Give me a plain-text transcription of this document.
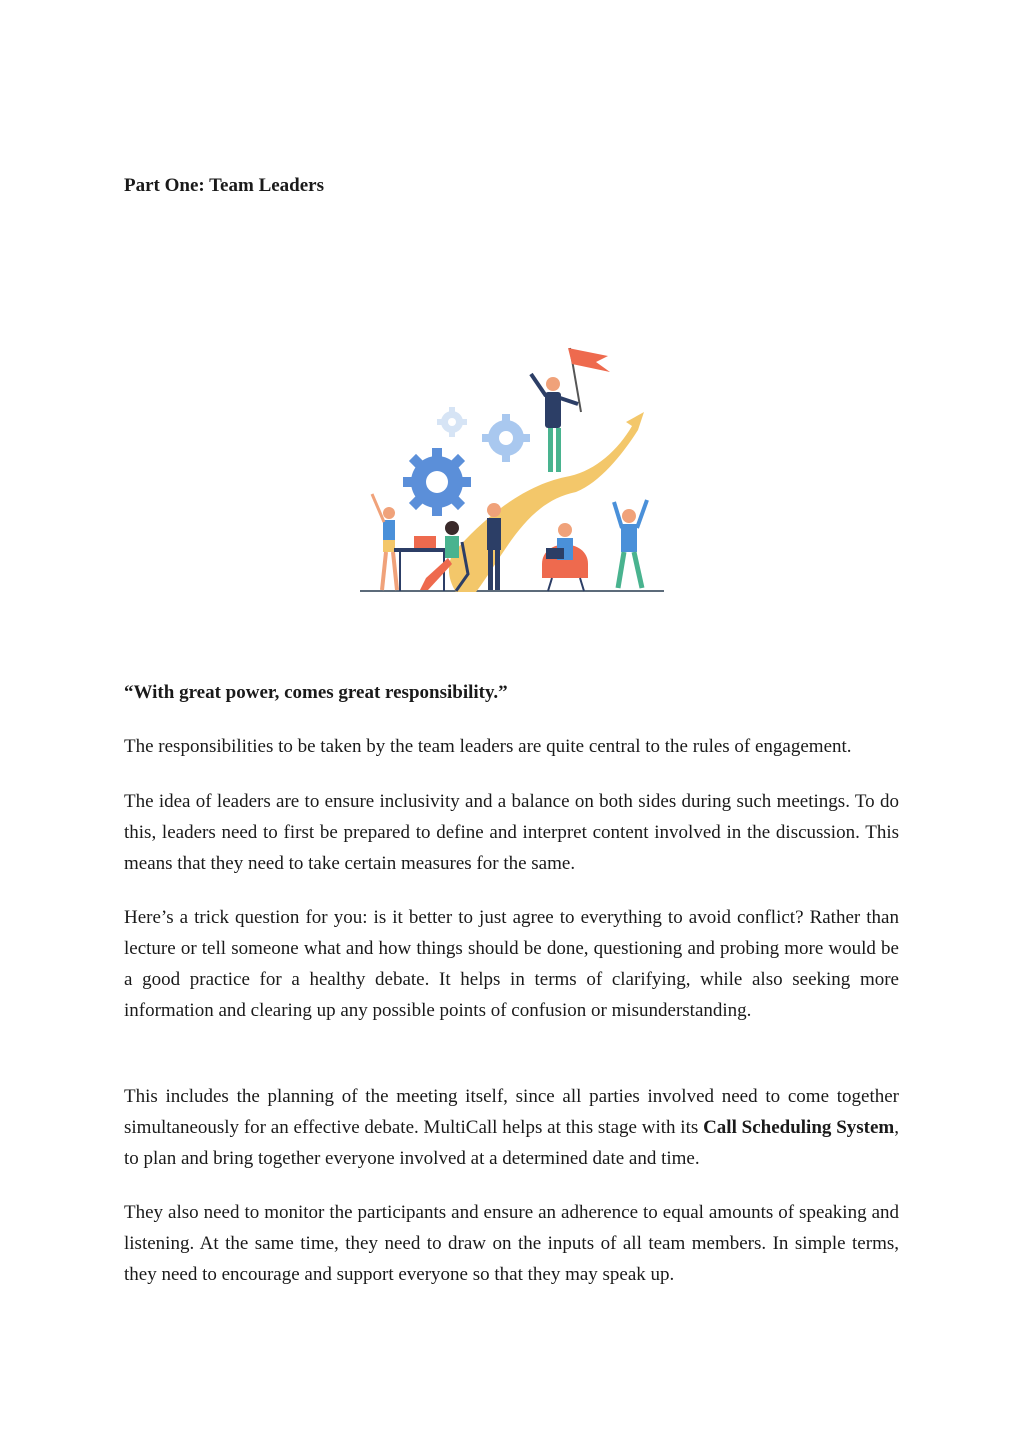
Part One: Team Leaders

“With great power, comes great responsibility.”

The responsibilities to be taken by the team leaders are quite central to the rules of engagement.

The idea of leaders are to ensure inclusivity and a balance on both sides during such meetings. To do this, leaders need to first be prepared to define and interpret content involved in the discussion. This means that they need to take certain measures for the same.

Here’s a trick question for you: is it better to just agree to everything to avoid conflict? Rather than lecture or tell someone what and how things should be done, questioning and probing more would be a good practice for a healthy debate. It helps in terms of clarifying, while also seeking more information and clearing up any possible points of confusion or misunderstanding.

This includes the planning of the meeting itself, since all parties involved need to come together simultaneously for an effective debate. MultiCall helps at this stage with its Call Scheduling System, to plan and bring together everyone involved at a determined date and time.

They also need to monitor the participants and ensure an adherence to equal amounts of speaking and listening. At the same time, they need to draw on the inputs of all team members. In simple terms, they need to encourage and support everyone so that they may speak up.
